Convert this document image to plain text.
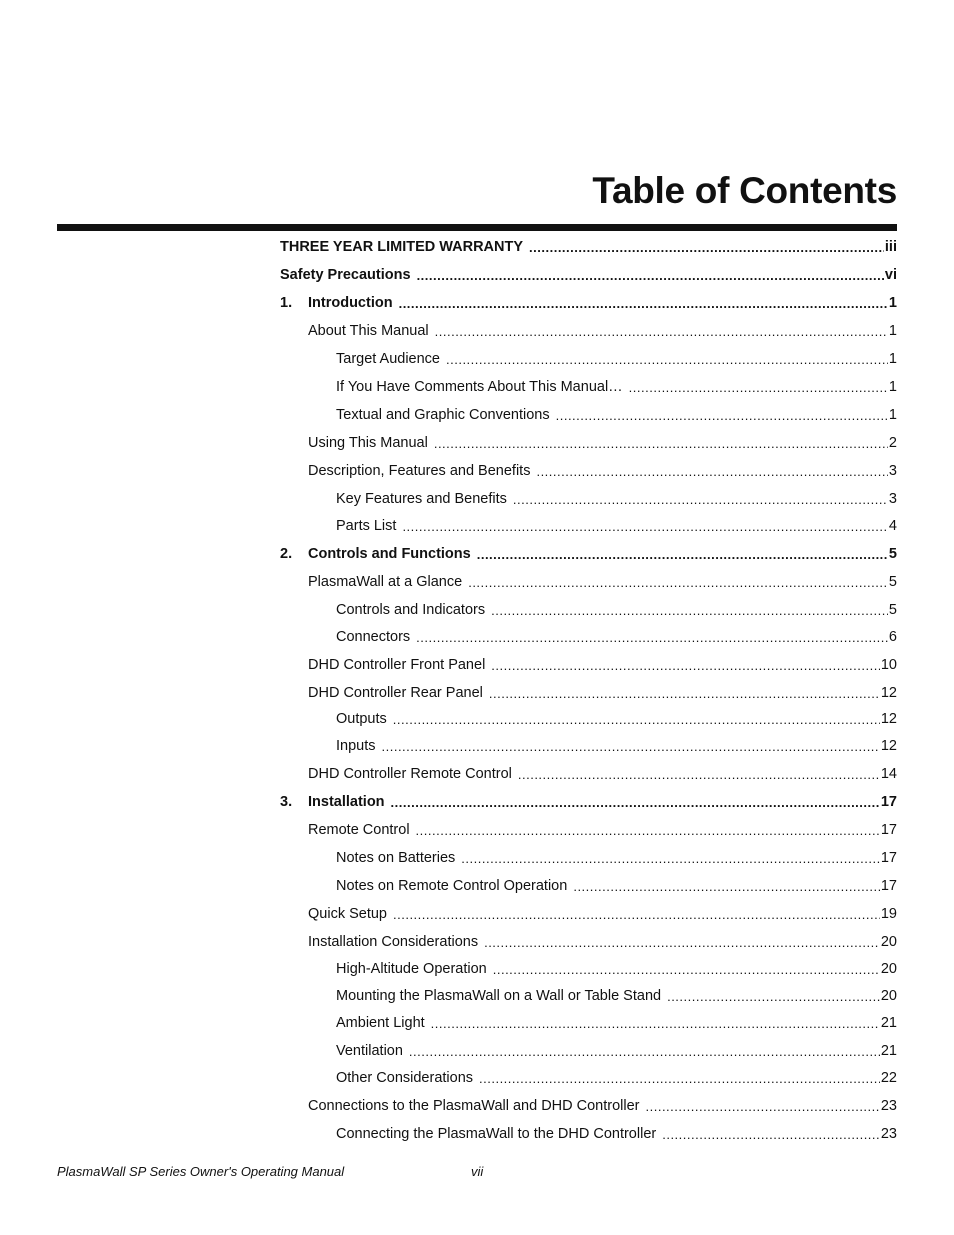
Table of Contents
THREE YEAR LIMITED WARRANTY .....	iii
Safety Precautions .....	vi
1.	Introduction .....	1
About This Manual .....	1
Target Audience .....	1
If You Have Comments About This Manual… .....	1
Textual and Graphic Conventions .....	1
Using This Manual .....	2
Description, Features and Benefits .....	3
Key Features and Benefits .....	3
Parts List .....	4
2.	Controls and Functions .....	5
PlasmaWall at a Glance .....	5
Controls and Indicators .....	5
Connectors .....	6
DHD Controller Front Panel .....	10
DHD Controller Rear Panel .....	12
Outputs .....	12
Inputs .....	12
DHD Controller Remote Control .....	14
3.	Installation .....	17
Remote Control .....	17
Notes on Batteries .....	17
Notes on Remote Control Operation .....	17
Quick Setup .....	19
Installation Considerations .....	20
High-Altitude Operation .....	20
Mounting the PlasmaWall on a Wall or Table Stand .....	20
Ambient Light .....	21
Ventilation .....	21
Other Considerations .....	22
Connections to the PlasmaWall and DHD Controller .....	23
Connecting the PlasmaWall to the DHD Controller .....	23
PlasmaWall SP Series Owner's Operating Manual	vii
